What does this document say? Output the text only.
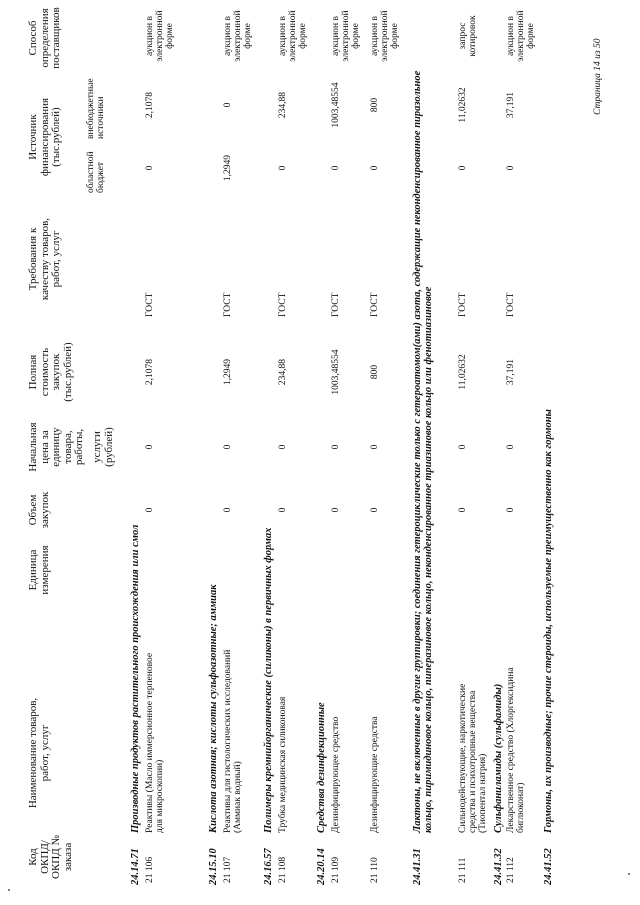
Код ОКПД/ ОКПД № заказа
Наименование товаров, работ, услуг
Единица измерения
Объем закупок
Начальная цена за единицу товара, работы, услуги (рублей)
Полная стоимость закупок (тыс.рублей)
Требования к качеству товаров, работ, услуг
Источник финансирования (тыс.рублей)
областной бюджет
внебюджетные источники
Способ определения поставщиков
24.14.71
Производные продуктов растительного происхождения или смол
24.15.10
Кислота азотная; кислоты сульфоазотные; аммиак
24.16.57
Полимеры кремнийорганические (силиконы) в первичных формах
24.20.14
Средства дезинфекционные
24.41.31
Лактоны, не включенные в другие группировки; соединения гетероциклические только с гетероатомом(ами) азота, содержащие неконденсированное пиразольное кольцо, пиримидиновое кольцо, пиперазиновое кольцо, неконденсированное триазиновое кольцо или фенотиазиновое
24.41.32
Сульфаниламиды (сульфамиды)
24.41.52
Гормоны, их производные; прочие стероиды, используемые преимущественно как гормоны
21 106
Реактивы (Масло иммерсионное терпеновое для микроскопии)
0
0
2,1078
ГОСТ
0
2,1078
аукцион в электронной форме
21 107
Реактивы для гистологических исследований (Аммиак водный)
0
0
1,2949
ГОСТ
1,2949
0
аукцион в электронной форме
21 108
Трубка медицинская силиконовая
0
0
234,88
ГОСТ
0
234,88
аукцион в электронной форме
21 109
Дезинфицирующее средство
0
0
1003,48554
ГОСТ
0
1003,48554
аукцион в электронной форме
21 110
Дезинфицирующие средства
0
0
800
ГОСТ
0
800
аукцион в электронной форме
21 111
Сильнодействующие, наркотические средства и психотропные вещества (Тиопентал натрия)
0
0
11,02632
ГОСТ
0
11,02632
запрос котировок
21 112
Лекарственное средство (Хлоргексидина биглюконат)
0
0
37,191
ГОСТ
0
37,191
аукцион в электронной форме
Страница 14 из 50
